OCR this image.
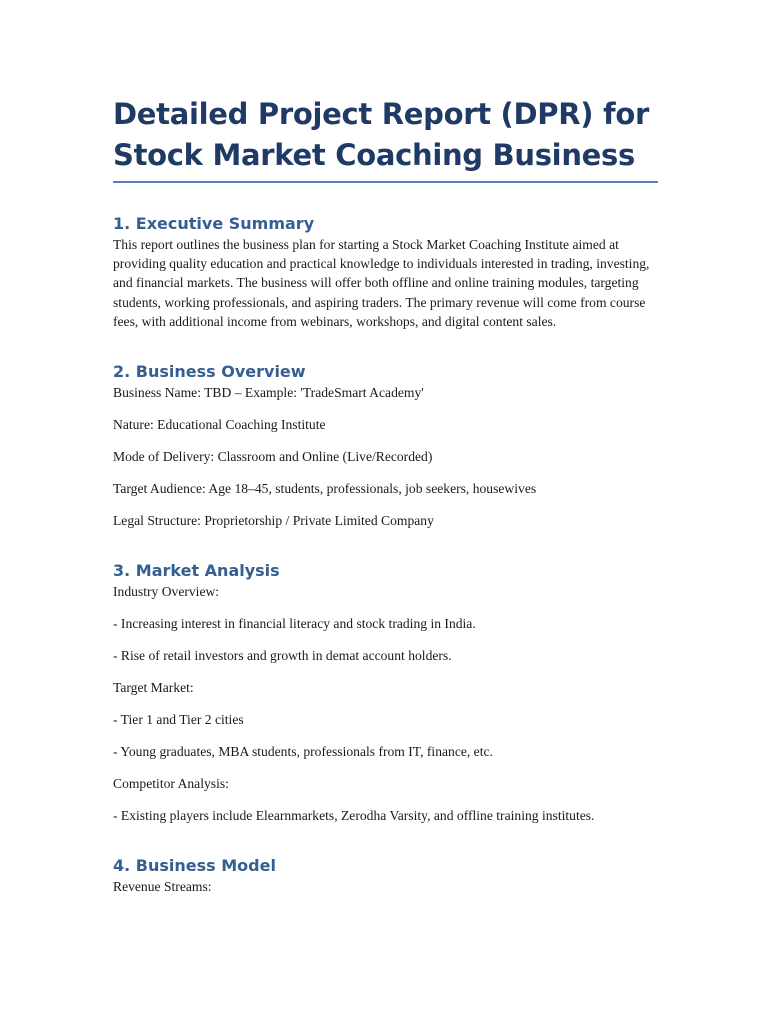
Detailed Project Report (DPR) for Stock Market Coaching Business
1. Executive Summary

This report outlines the business plan for starting a Stock Market Coaching Institute aimed at providing quality education and practical knowledge to individuals interested in trading, investing, and financial markets. The business will offer both offline and online training modules, targeting students, working professionals, and aspiring traders. The primary revenue will come from course fees, with additional income from webinars, workshops, and digital content sales.

2. Business Overview

Business Name: TBD – Example: 'TradeSmart Academy'

Nature: Educational Coaching Institute

Mode of Delivery: Classroom and Online (Live/Recorded)

Target Audience: Age 18–45, students, professionals, job seekers, housewives

Legal Structure: Proprietorship / Private Limited Company

3. Market Analysis

Industry Overview:

- Increasing interest in financial literacy and stock trading in India.

- Rise of retail investors and growth in demat account holders.

Target Market:

- Tier 1 and Tier 2 cities

- Young graduates, MBA students, professionals from IT, finance, etc.

Competitor Analysis:

- Existing players include Elearnmarkets, Zerodha Varsity, and offline training institutes.

4. Business Model

Revenue Streams:
